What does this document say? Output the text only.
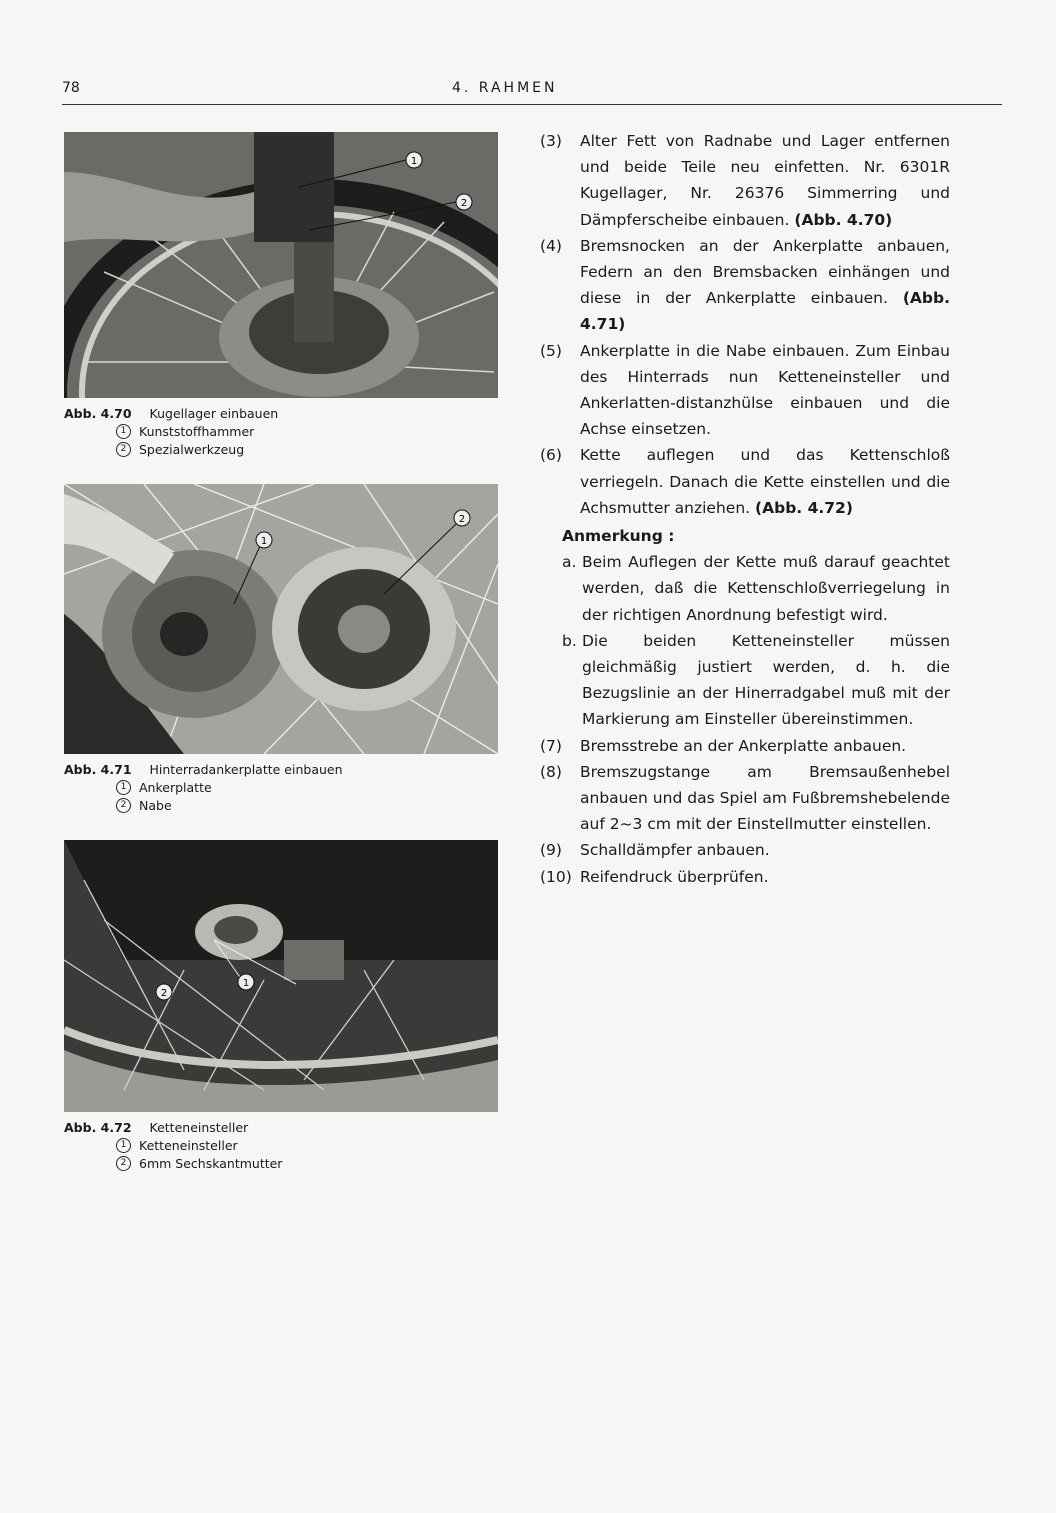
78	4. RAHMEN
1
2
Abb. 4.70 Kugellager einbauen
1	Kunststoffhammer
2	Spezialwerkzeug
1
2
Abb. 4.71 Hinterradankerplatte einbauen
1	Ankerplatte
2	Nabe
2
1
Abb. 4.72 Ketteneinsteller
1	Ketteneinsteller
2	6mm Sechskantmutter
(3)	Alter Fett von Radnabe und Lager entfernen und beide Teile neu einfetten. Nr. 6301R Kugellager, Nr. 26376 Simmerring und Dämpferscheibe einbauen. (Abb. 4.70)
(4)	Bremsnocken an der Ankerplatte anbauen, Federn an den Bremsbacken einhängen und diese in der Ankerplatte einbauen. (Abb. 4.71)
(5)	Ankerplatte in die Nabe einbauen. Zum Einbau des Hinterrads nun Ketteneinsteller und Ankerlatten-distanzhülse einbauen und die Achse einsetzen.
(6)	Kette auflegen und das Kettenschloß verriegeln. Danach die Kette einstellen und die Achsmutter anziehen. (Abb. 4.72)
Anmerkung :
a. Beim Auflegen der Kette muß darauf geachtet werden, daß die Kettenschloßverriegelung in der richtigen Anordnung befestigt wird.
b. Die beiden Ketteneinsteller müssen gleichmäßig justiert werden, d. h. die Bezugslinie an der Hinerradgabel muß mit der Markierung am Einsteller übereinstimmen.
(7)	Bremsstrebe an der Ankerplatte anbauen.
(8)	Bremszugstange am Bremsaußenhebel anbauen und das Spiel am Fußbremshebelende auf 2~3 cm mit der Einstellmutter einstellen.
(9)	Schalldämpfer anbauen.
(10) Reifendruck überprüfen.
